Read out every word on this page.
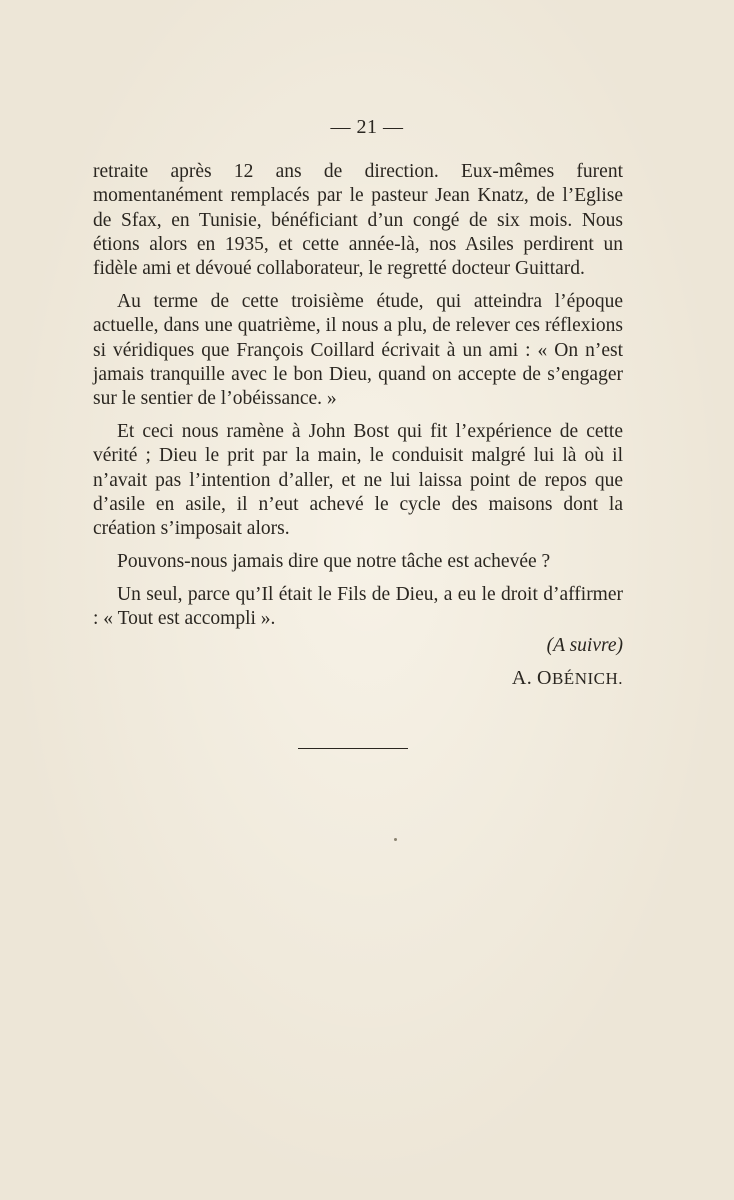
— 21 —

retraite après 12 ans de direction. Eux-mêmes furent momentanément remplacés par le pasteur Jean Knatz, de l’Eglise de Sfax, en Tunisie, bénéficiant d’un congé de six mois. Nous étions alors en 1935, et cette année-là, nos Asiles perdirent un fidèle ami et dévoué collaborateur, le regretté docteur Guittard.

Au terme de cette troisième étude, qui atteindra l’époque actuelle, dans une quatrième, il nous a plu, de relever ces réflexions si véridiques que François Coillard écrivait à un ami : « On n’est jamais tranquille avec le bon Dieu, quand on accepte de s’engager sur le sentier de l’obéissance. »

Et ceci nous ramène à John Bost qui fit l’expérience de cette vérité ; Dieu le prit par la main, le conduisit malgré lui là où il n’avait pas l’intention d’aller, et ne lui laissa point de repos que d’asile en asile, il n’eut achevé le cycle des maisons dont la création s’imposait alors.

Pouvons-nous jamais dire que notre tâche est achevée ?

Un seul, parce qu’Il était le Fils de Dieu, a eu le droit d’affirmer : « Tout est accompli ».

(A suivre)

A. OBÉNICH.
